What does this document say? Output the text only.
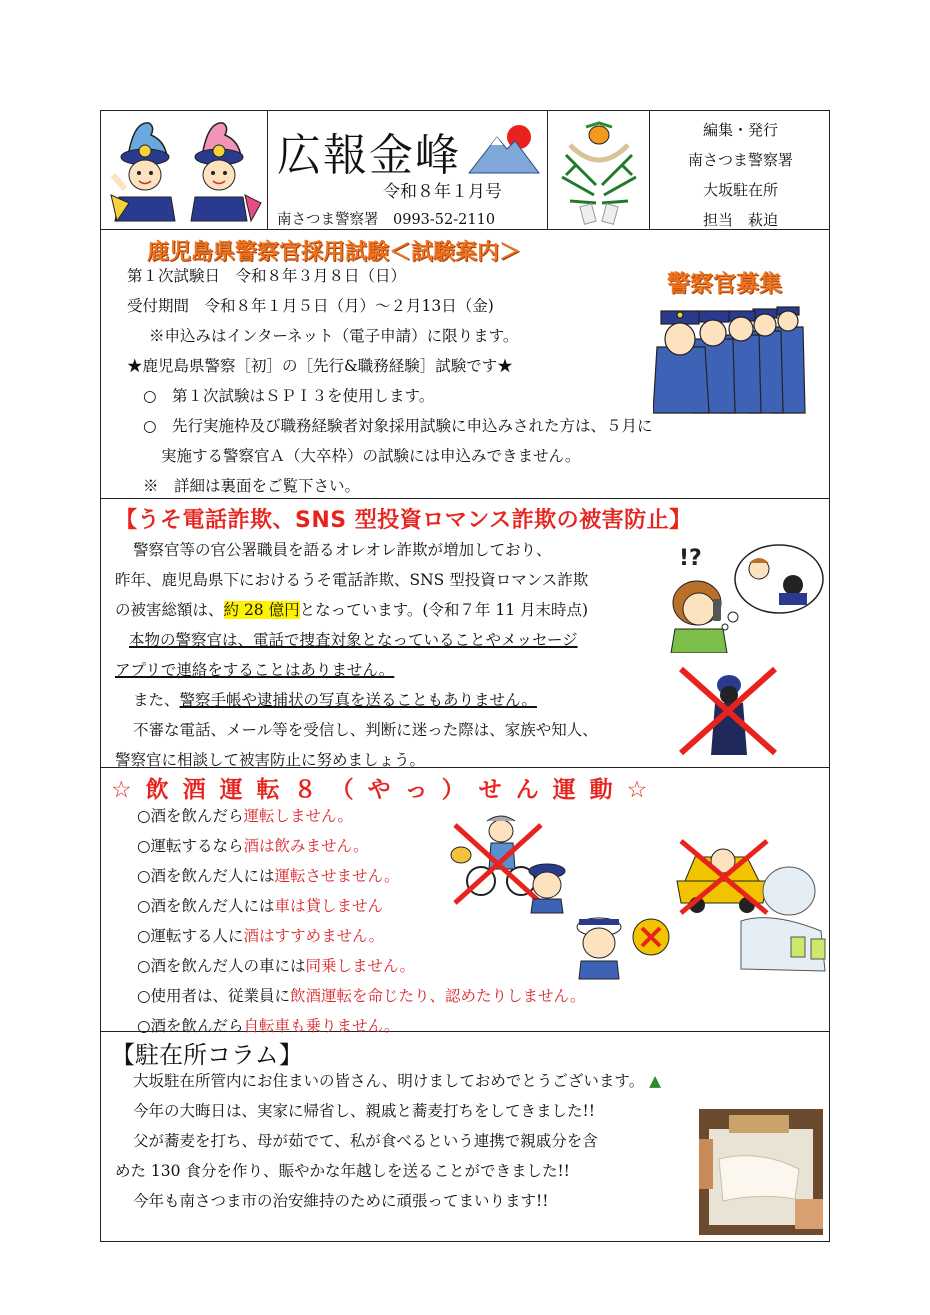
広報金峰
令和８年１月号
南さつま警察署　0993-52-2110
編集・発行
南さつま警察署
大坂駐在所
担当　萩迫
鹿児島県警察官採用試験＜試験案内＞
警察官募集
第１次試験日　令和８年３月８日（日）
受付期間　令和８年１月５日（月）～２月13日（金)
※申込みはインターネット（電子申請）に限ります。
★鹿児島県警察［初］の［先行&職務経験］試験です★
○　第１次試験はＳＰＩ３を使用します。
○　先行実施枠及び職務経験者対象採用試験に申込みされた方は、５月に
実施する警察官Ａ（大卒枠）の試験には申込みできません。
※　詳細は裏面をご覧下さい。
【うそ電話詐欺、SNS 型投資ロマンス詐欺の被害防止】
警察官等の官公署職員を語るオレオレ詐欺が増加しており、
昨年、鹿児島県下におけるうそ電話詐欺、SNS 型投資ロマンス詐欺
の被害総額は、約 28 億円となっています。(令和７年 11 月末時点)
本物の警察官は、電話で捜査対象となっていることやメッセージ
アプリで連絡をすることはありません。
また、警察手帳や逮捕状の写真を送ることもありません。
不審な電話、メール等を受信し、判断に迷った際は、家族や知人、
警察官に相談して被害防止に努めましょう。
!?
☆飲酒運転８（やっ）せん運動☆
○酒を飲んだら運転しません。
○運転するなら酒は飲みません。
○酒を飲んだ人には運転させません。
○酒を飲んだ人には車は貸しません
○運転する人に酒はすすめません。
○酒を飲んだ人の車には同乗しません。
○使用者は、従業員に飲酒運転を命じたり、認めたりしません。
○酒を飲んだら自転車も乗りません。
【駐在所コラム】
大坂駐在所管内にお住まいの皆さん、明けましておめでとうございます。 ▲
今年の大晦日は、実家に帰省し、親戚と蕎麦打ちをしてきました!!
父が蕎麦を打ち、母が茹でて、私が食べるという連携で親戚分を含
めた 130 食分を作り、賑やかな年越しを送ることができました!!
今年も南さつま市の治安維持のために頑張ってまいります!!
